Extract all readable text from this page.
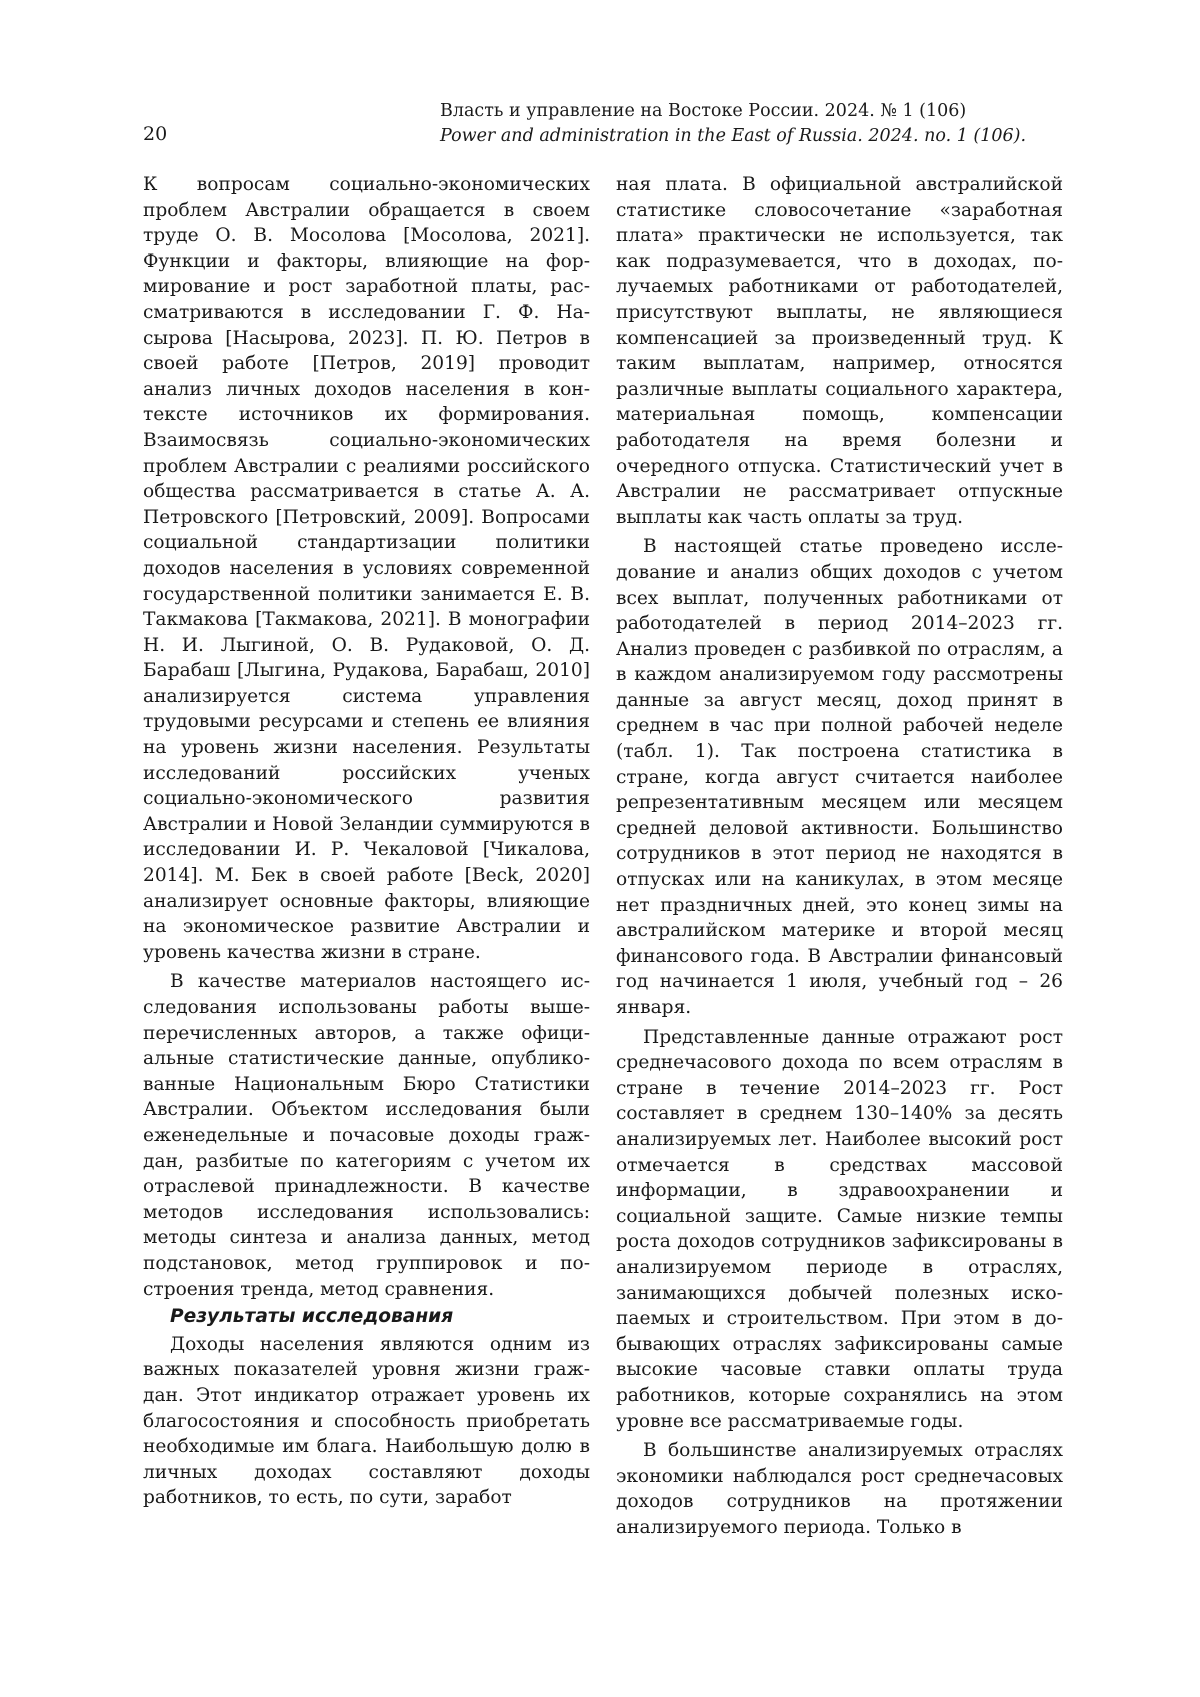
20
Власть и управление на Востоке России. 2024. № 1 (106)
Power and administration in the East of Russia. 2024. no. 1 (106).

К вопросам социально-экономических проблем Австралии обращается в своем труде О. В. Мосолова [Мосолова, 2021]. Функции и факторы, влияющие на формирование и рост заработной платы, рассматриваются в исследовании Г. Ф. Насырова [Насырова, 2023]. П. Ю. Петров в своей работе [Петров, 2019] проводит анализ личных доходов населения в контексте источников их формирования. Взаимосвязь социально-экономических проблем Австралии с реалиями российского общества рассматривается в статье А. А. Петровского [Петровский, 2009]. Вопросами социальной стандартизации политики доходов населения в условиях современной государственной политики занимается Е. В. Такмакова [Такмакова, 2021]. В монографии Н. И. Лыгиной, О. В. Рудаковой, О. Д. Барабаш [Лыгина, Рудакова, Барабаш, 2010] анализируется система управления трудовыми ресурсами и степень ее влияния на уровень жизни населения. Результаты исследований российских ученых социально-экономического развития Австралии и Новой Зеландии суммируются в исследовании И. Р. Чекаловой [Чикалова, 2014]. М. Бек в своей работе [Beck, 2020] анализирует основные факторы, влияющие на экономическое развитие Австралии и уровень качества жизни в стране.

В качестве материалов настоящего исследования использованы работы вышеперечисленных авторов, а также официальные статистические данные, опубликованные Национальным Бюро Статистики Австралии. Объектом исследования были еженедельные и почасовые доходы граждан, разбитые по категориям с учетом их отраслевой принадлежности. В качестве методов исследования использовались: методы синтеза и анализа данных, метод подстановок, метод группировок и построения тренда, метод сравнения.

Результаты исследования

Доходы населения являются одним из важных показателей уровня жизни граждан. Этот индикатор отражает уровень их благосостояния и способность приобретать необходимые им блага. Наибольшую долю в личных доходах составляют доходы работников, то есть, по сути, заработ

ная плата. В официальной австралийской статистике словосочетание «заработная плата» практически не используется, так как подразумевается, что в доходах, получаемых работниками от работодателей, присутствуют выплаты, не являющиеся компенсацией за произведенный труд. К таким выплатам, например, относятся различные выплаты социального характера, материальная помощь, компенсации работодателя на время болезни и очередного отпуска. Статистический учет в Австралии не рассматривает отпускные выплаты как часть оплаты за труд.

В настоящей статье проведено исследование и анализ общих доходов с учетом всех выплат, полученных работниками от работодателей в период 2014–2023 гг. Анализ проведен с разбивкой по отраслям, а в каждом анализируемом году рассмотрены данные за август месяц, доход принят в среднем в час при полной рабочей неделе (табл. 1). Так построена статистика в стране, когда август считается наиболее репрезентативным месяцем или месяцем средней деловой активности. Большинство сотрудников в этот период не находятся в отпусках или на каникулах, в этом месяце нет праздничных дней, это конец зимы на австралийском материке и второй месяц финансового года. В Австралии финансовый год начинается 1 июля, учебный год – 26 января.

Представленные данные отражают рост среднечасового дохода по всем отраслям в стране в течение 2014–2023 гг. Рост составляет в среднем 130–140% за десять анализируемых лет. Наиболее высокий рост отмечается в средствах массовой информации, в здравоохранении и социальной защите. Самые низкие темпы роста доходов сотрудников зафиксированы в анализируемом периоде в отраслях, занимающихся добычей полезных ископаемых и строительством. При этом в добывающих отраслях зафиксированы самые высокие часовые ставки оплаты труда работников, которые сохранялись на этом уровне все рассматриваемые годы.

В большинстве анализируемых отраслях экономики наблюдался рост среднечасовых доходов сотрудников на протяжении анализируемого периода. Только в
